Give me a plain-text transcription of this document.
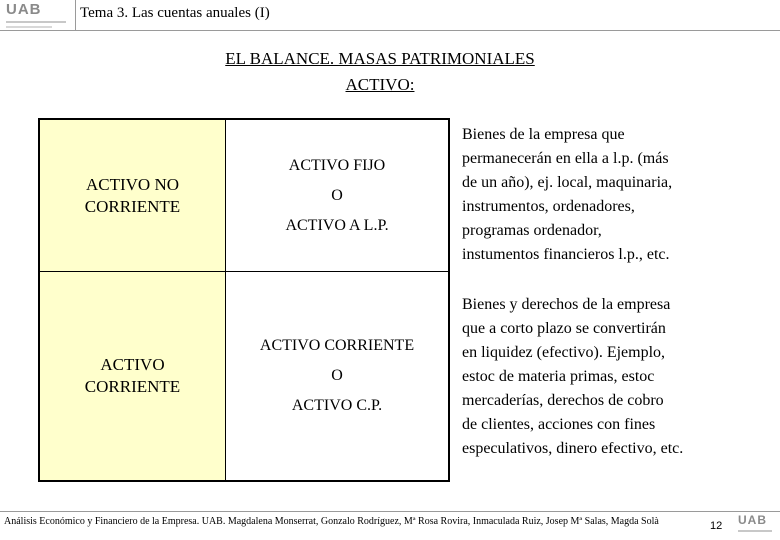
UAB	Tema 3. Las cuentas anuales (I)
EL BALANCE. MASAS PATRIMONIALES
ACTIVO:
ACTIVO NO
CORRIENTE
ACTIVO FIJO
O
ACTIVO A L.P.
ACTIVO
CORRIENTE
ACTIVO CORRIENTE
O
ACTIVO C.P.
Bienes de la empresa que
permanecerán en ella a l.p. (más
de un año), ej. local, maquinaria,
instrumentos, ordenadores,
programas ordenador,
instumentos financieros l.p., etc.
Bienes y derechos de la empresa
que a corto plazo se convertirán
en liquidez (efectivo). Ejemplo,
estoc de materia primas, estoc
mercaderías, derechos de cobro
de clientes, acciones con fines
especulativos, dinero efectivo, etc.
Análisis Económico y Financiero de la Empresa. UAB. Magdalena Monserrat, Gonzalo Rodríguez, Mª Rosa Rovira, Inmaculada Ruiz, Josep Mª Salas, Magda Solà	12 UAB
